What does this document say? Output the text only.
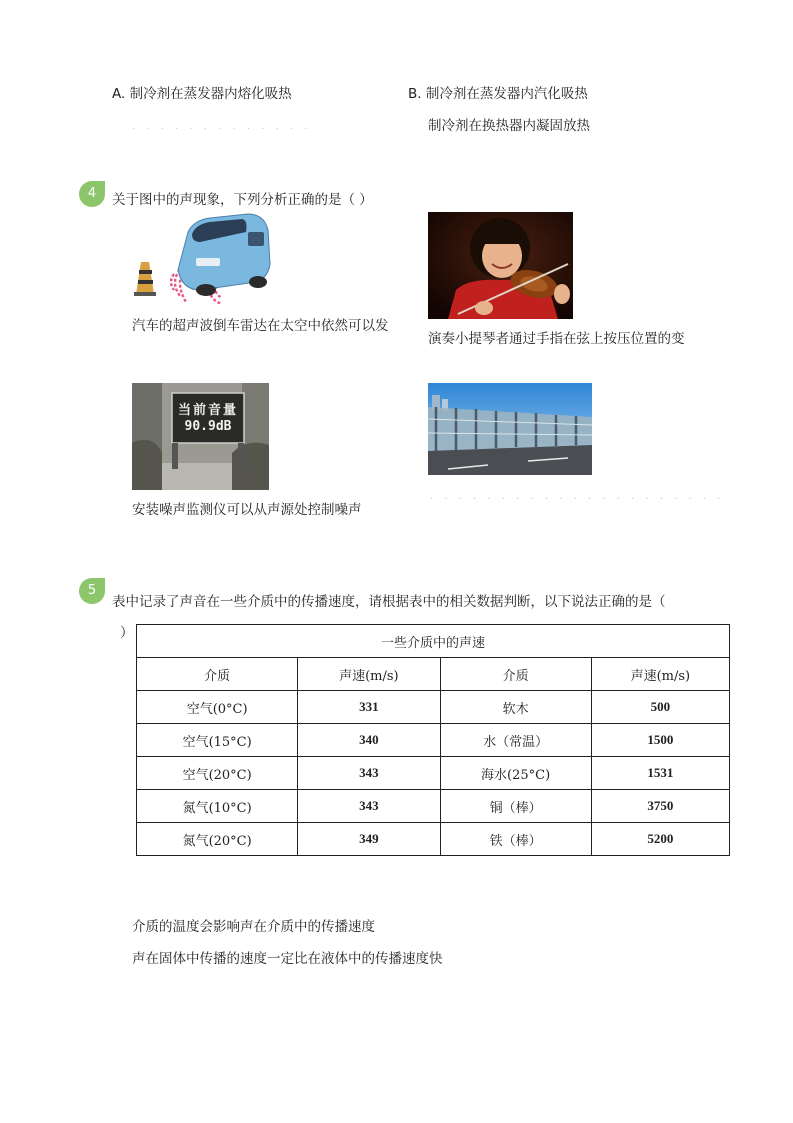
A. 制冷剂在蒸发器内熔化吸热	B. 制冷剂在蒸发器内汽化吸热
· · · · · · · · · · · · ·	制冷剂在换热器内凝固放热
4	关于图中的声现象，下列分析正确的是（ ）
汽车的超声波倒车雷达在太空中依然可以发
演奏小提琴者通过手指在弦上按压位置的变
当前音量
90.9dB
安装噪声监测仪可以从声源处控制噪声
· · · · · · · · · · · · · · · · · · · · ·
5
表中记录了声音在一些介质中的传播速度，请根据表中的相关数据判断，以下说法正确的是（
）
一些介质中的声速			
介质	声速(m/s)	介质	声速(m/s)
空气(0°C)	331	软木	500
空气(15°C)	340	水（常温）	1500
空气(20°C)	343	海水(25°C)	1531
氮气(10°C)	343	铜（棒）	3750
氮气(20°C)	349	铁（棒）	5200
介质的温度会影响声在介质中的传播速度
声在固体中传播的速度一定比在液体中的传播速度快
